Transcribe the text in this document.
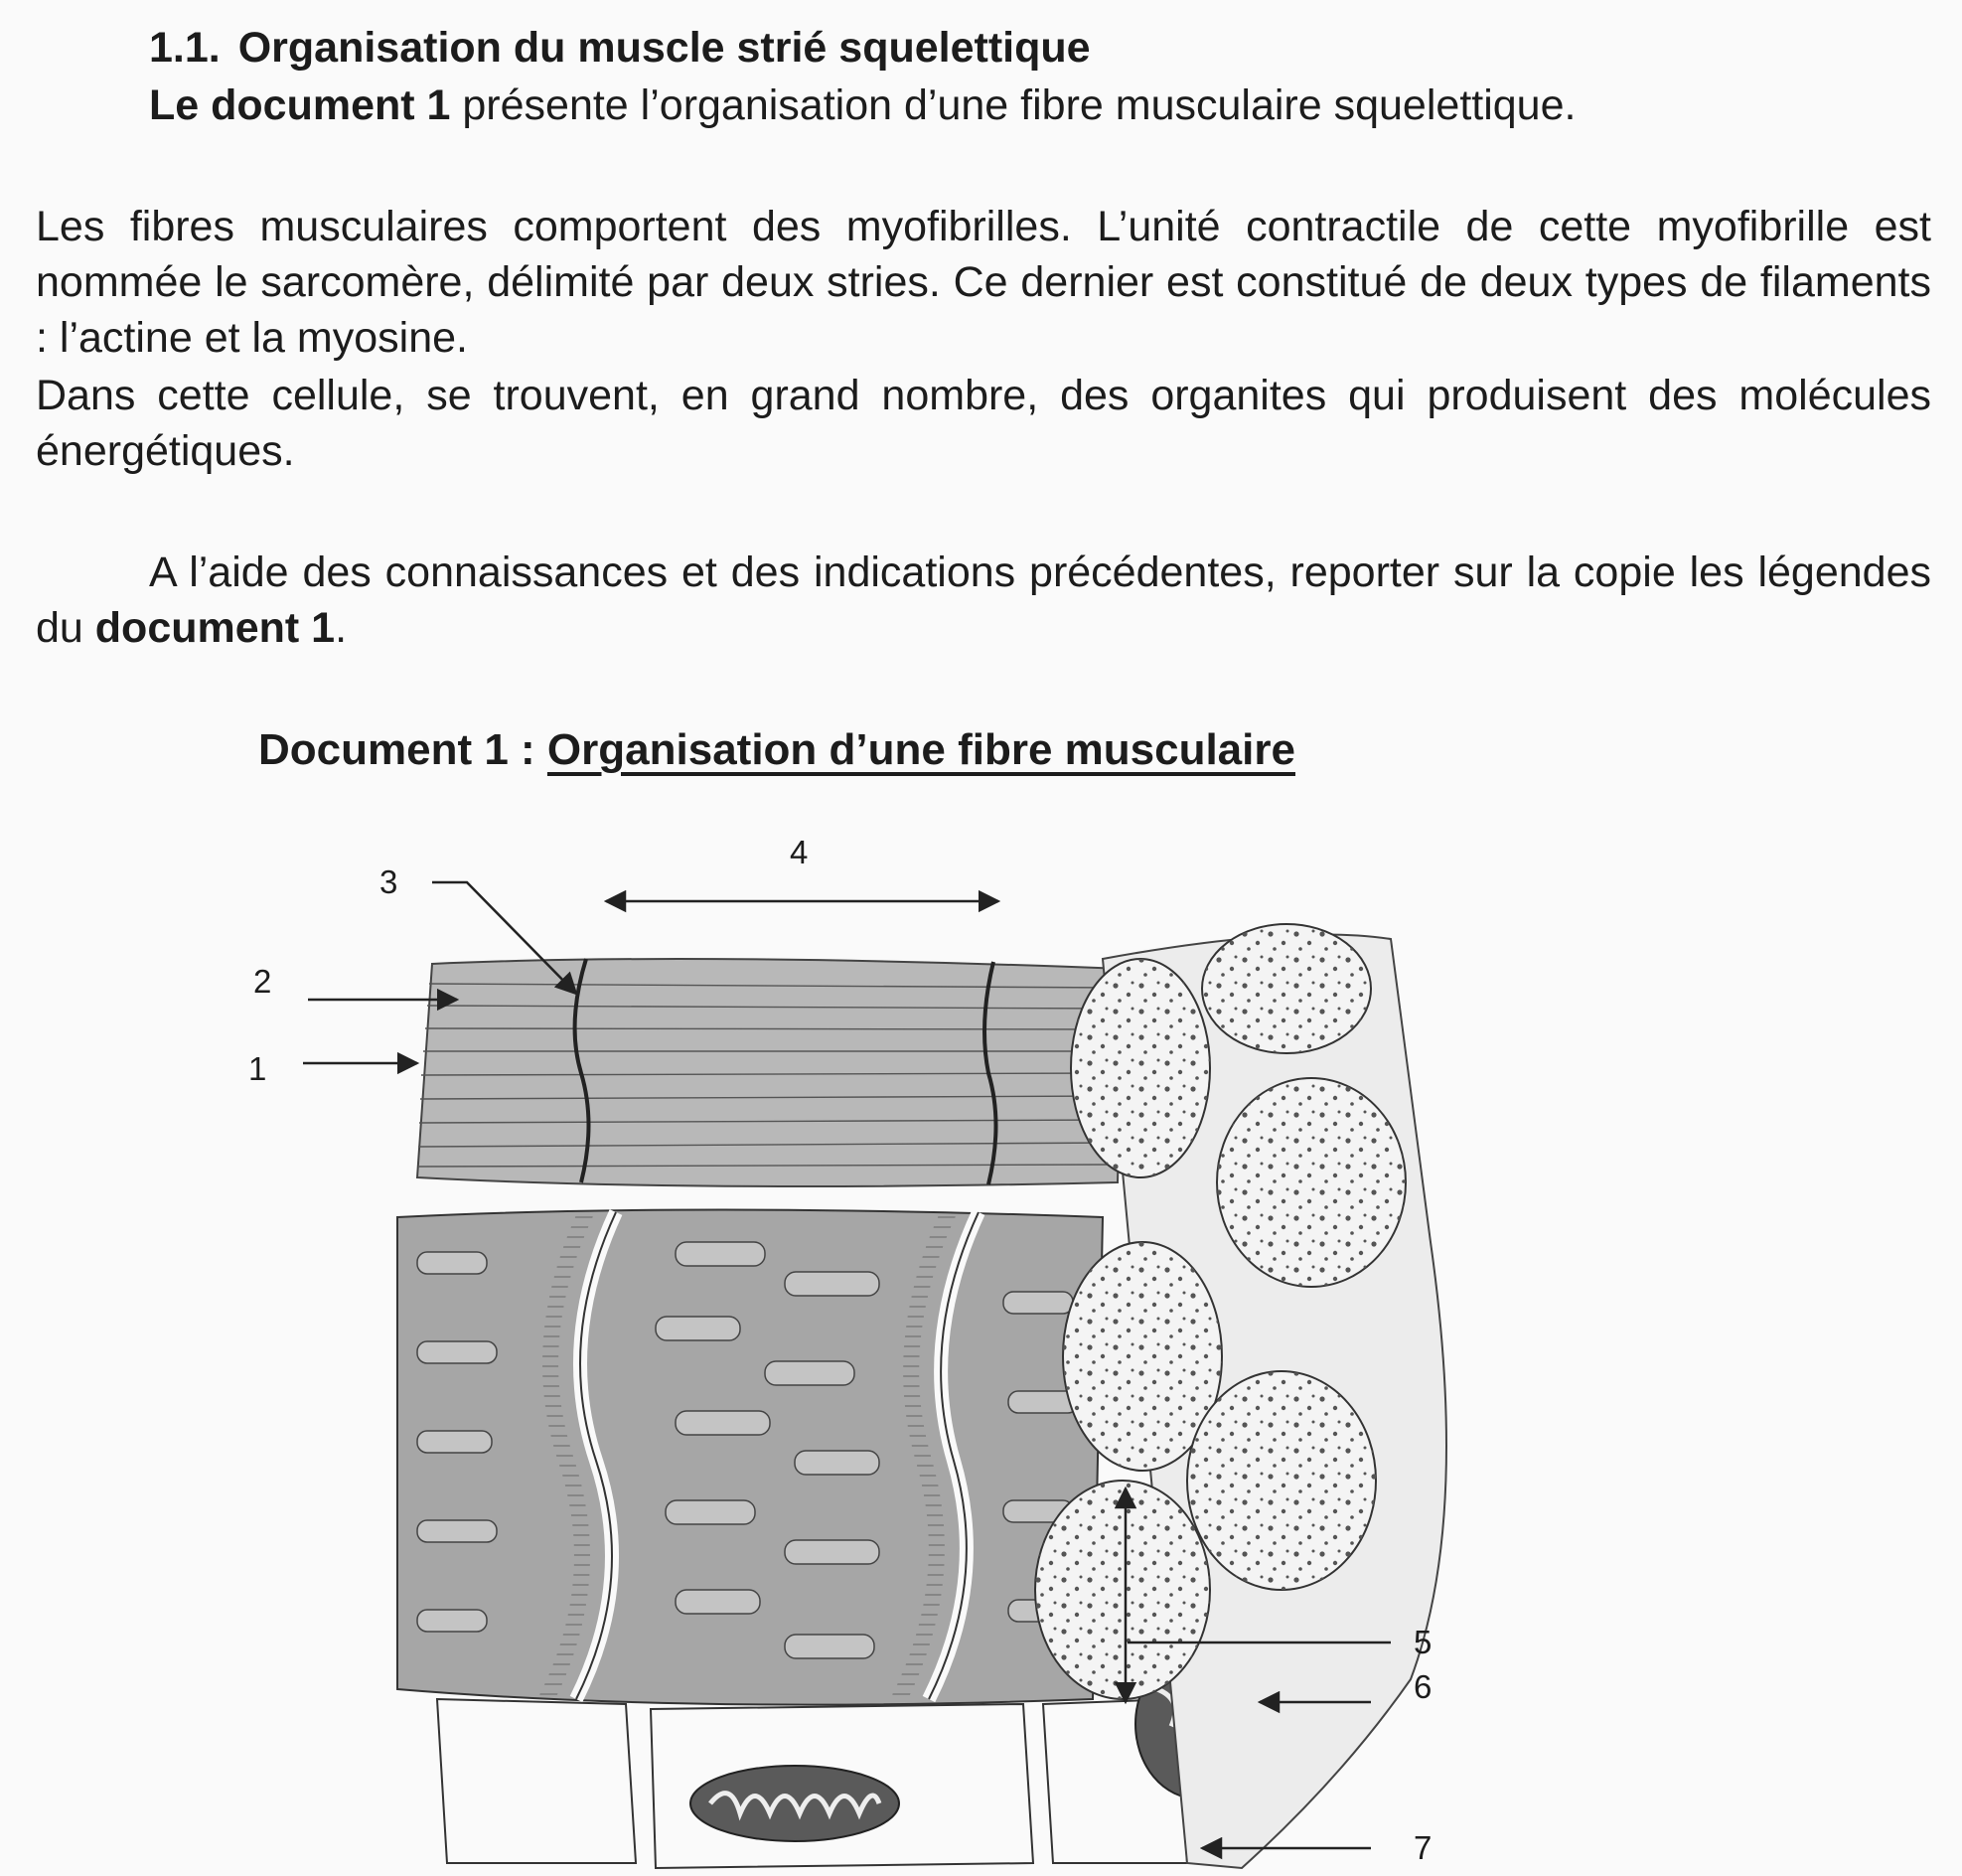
1.1. Organisation du muscle strié squelettique

Le document 1 présente l’organisation d’une fibre musculaire squelettique.

Les fibres musculaires comportent des myofibrilles. L’unité contractile de cette myofibrille est nommée le sarcomère, délimité par deux stries. Ce dernier est constitué de deux types de filaments : l’actine et la myosine.

Dans cette cellule, se trouvent, en grand nombre, des organites qui produisent des molécules énergétiques.

A l’aide des connaissances et des indications précédentes, reporter sur la copie les légendes du document 1.

Document 1 : Organisation d’une fibre musculaire
1
2
3
4
5
6
7
